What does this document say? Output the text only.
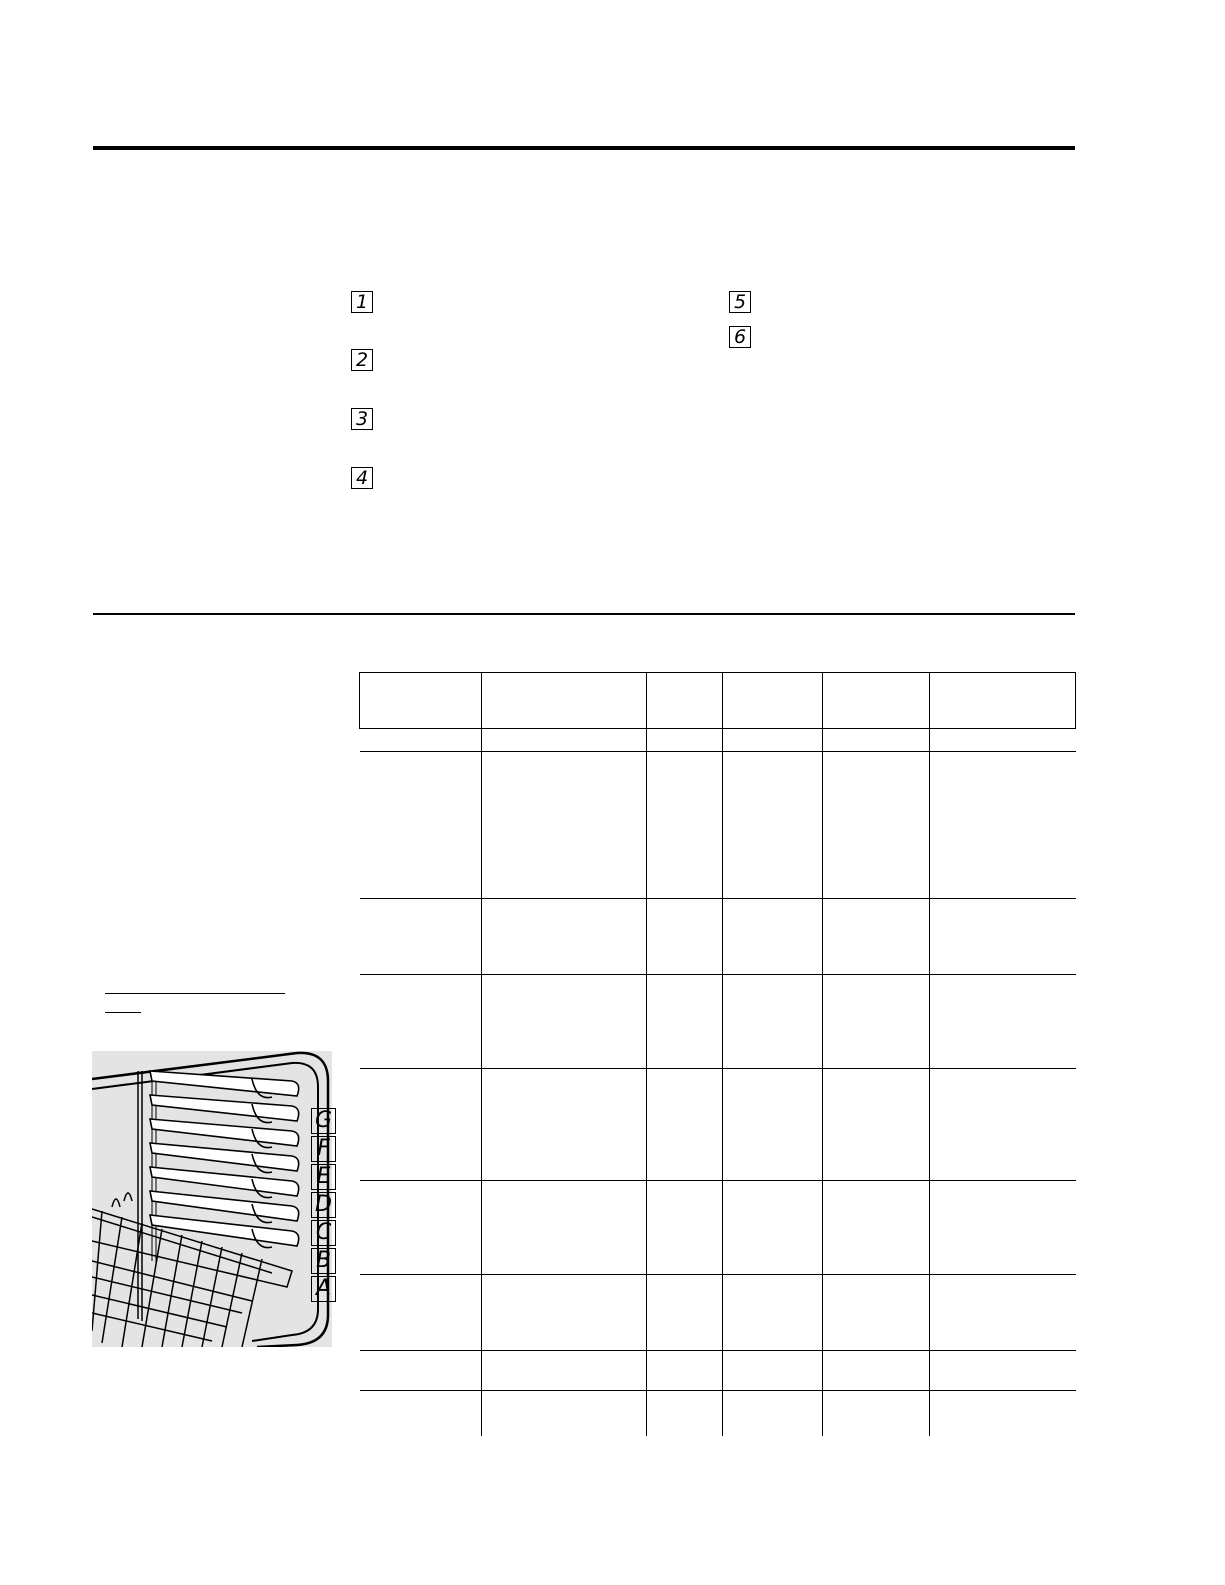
1
2
3
4
5
6
G
F
E
D
C
B
A
